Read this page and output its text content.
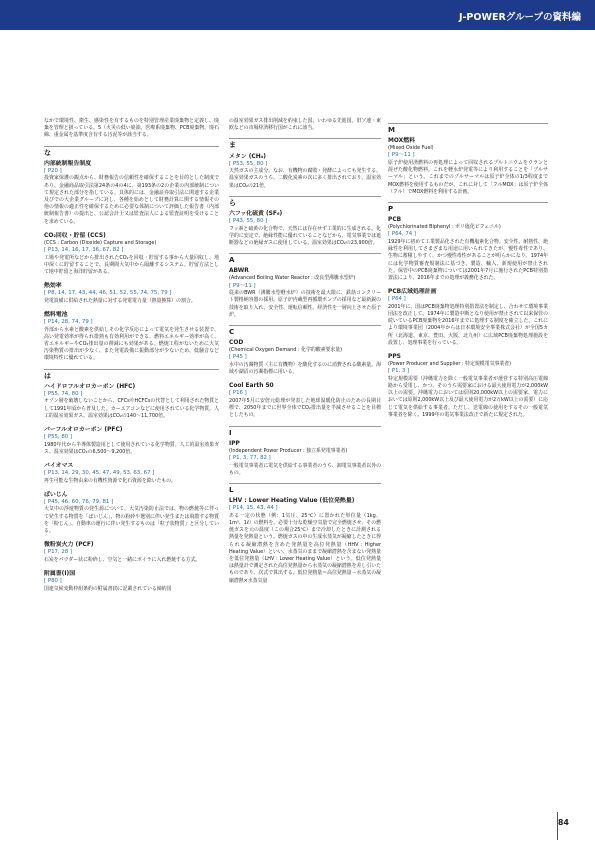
J-POWERグループの資料編
なかで環境性、衛生、感染性を有するものを特別管理産業廃棄物と定義し、廃棄を管理と扱っている。5（火災の低い廃油、医療系廃棄物、PCB廃棄物、廃石綿、重金属を基準度含有する汚泥等が該当する。
な
内部統制報告制度
[ P20 ]
投資家保護の観点から、財務報告の信頼性を確保することを目的とした制度であり、金融商品取引法第24条の4の4に、第193条の2の企業の内部統制について規定された部分を指している。具体的には、金融証券取引法に関連する企業及びでの大企業グループに対し、各種を始めとして財務計算に関する情報その他の情報の適正性を確保するために必要な体制について評価した報告書（内部統制報告書）の提出と、公認会計士又は監査法人による監査証明を受けることを求めている。
CO₂回収・貯留 (CCS)
(CCS : Carbon (Dioxide) Capture and Storage)
[ P13, 14, 16, 17, 36, 67, 82 ]
工場や発電所などから排出されたCO₂を回収・貯留する事から大量回収し、地中深くに貯留することで、長期間大気中から隔離するシステム。貯留方法として地中貯留と海洋貯留がある。
熱効率
[ P8, 14, 17, 43, 44, 46, 51, 52, 55, 74, 75, 79 ]
発電設備に供給された熱量に対する発電電力量（熱量換算）の割合。
燃料電池
[ P14, 28, 74, 79 ]
外部から水素と酸素を供給しその化学反応によって電気を発生させる装置で、高い発電効率が得られ排熱も有効利用ができる。燃料エネルギー効率が高く、省エネルギーやCO₂排出量の削減にも効果がある。燃焼工程がないために大気汚染物質の排出が少なく、また発電設備に振動部分が少ないため、低騒音など環境特性に優れている。
は
ハイドロフルオロカーボン (HFC)
[ P55, 74, 80 ]
オゾン層を破壊しないことから、CFCsやHCFCsの代替として利用された物質として1991年頃から普及した。カーエアコンなどに使用されている化学物質。人工的温室効果ガス。温室効果はCO₂の140～11,700倍。
パーフルオロカーボン (PFC)
[ P55, 80 ]
1980年代から半導体製造用として使用されている化学物質。人工的温室効果ガス。温室効果はCO₂の6,500～9,200倍。
バイオマス
[ P13, 14, 29, 30, 45, 47, 49, 53, 63, 67 ]
再生可能な生物由来の有機性資源で化石資源を除いたもの。
ばいじん
[ P45, 46, 60, 76, 79, 81 ]
大気中の浮遊物質の発生源について、大気汚染防止法では、物の燃焼等に伴って発生する物質を「ばいじん」、物の粉砕や選別に伴い発生または飛散する物質を「粉じん」、自動車の運行に伴い発生するものは「粒子状物質」と区分している。
微粉炭火力 (PCF)
[ P17, 28 ]
石炭をパウダー状に粉砕し、空気と一緒にボイラに入れ燃焼する方式。
附属書(I)国
[ P80 ]
国連気候変動枠組条約の附属書(I)に記載されている締約国
の温室効果ガス排出削減を約束した国、いわゆる先進国。旧ソ連・東欧などの市場経済移行国がこれに該当。
ま
メタン (CH₄)
[ P53, 55, 80 ]
天然ガスの主成分。なお、有機物の腐敗・発酵によっても発生する。温室効果ガスのうち、二酸化炭素の次に多く排出されており、温室効果はCO₂の21倍。
ら
六フッ化硫黄 (SF₆)
[ P43, 55, 80 ]
フッ素と硫黄の化合物で、天然には存在せず工業的に生成される。化学的に安定で、絶縁性能に優れていることなどから、電気事業では遮断器などの絶縁ガスに使用している。温室効果はCO₂の23,900倍。
A
ABWR
(Advanced Boiling Water Reactor : 改良型沸騰水型炉)
[ P9～11 ]
従来のBWR（沸騰水型軽水炉）の技術を最大限に、鉄筋コンクリート製格納容器の採用、原子炉内蔵型再循環ポンプの採用など最新鋭の技術を取り入れ、安全性、運転信頼性、経済性を一層向上させた原子炉。
C
COD
(Chemical Oxygen Demand : 化学的酸素要求量)
[ P45 ]
水中の汚濁物質（主に有機物）を酸化するのに消費される酸素量。海域や湖沼の汚濁指標に用いる。
Cool Earth 50
[ P16 ]
2007年5月に安倍元総理が発表した地球温暖化防止のための長期目標で、2050年までに世界全体でCO₂排出量を半減させることを目標としたもの。
I
IPP
(Independent Power Producer : 独立系発電事業者)
[ P1, 3, 77, 82 ]
一般電気事業者に電気を供給する事業者のうち、卸電気事業者以外のもの。
L
LHV : Lower Heating Value (低位発熱量)
[ P14, 15, 43, 44 ]
ある一定の状態（例：1気圧、25℃）に置かれた単位量（1kg、1m³、1ℓ）の燃料を、必要十分な乾燥空気量で完全燃焼させ、その燃焼ガスを元の温度（この場合25℃）まで冷却したときに計測される熱量を発熱量という。燃焼ガスの中の生成水蒸気が凝縮したときに得られる凝縮潜熱を含めた発熱量を高位発熱量（HHV : Higher Heating Value）といい、水蒸気のままで凝縮潜熱を含まない発熱量を低位発熱量（LHV : Lower Heating Value）という。低位発熱量は熱量計で測定された高位発熱量から水蒸気の凝縮潜熱を差し引いたものであり、次式で算出する。低位発熱量＝高位発熱量－水蒸気の凝縮潜熱×水蒸気量
M
MOX燃料
(Mixed Oxide Fuel)
[ P9～11 ]
原子炉使用済燃料の再処理によって回収されるプルトニウムをウランと混ぜた酸化物燃料。これを軽水炉発電等により利用することを「プルサーマル」という。これまでのプルサーマルは原子炉全体の1/3程度までMOX燃料を使用するものだが、これに対して「フルMOX」は原子炉全体（フル）でMOX燃料を利用する計画。
P
PCB
(Polychlorinated Biphenyl : ポリ塩化ビフェニル)
[ P64, 74 ]
1929年に初めて工業製品化された有機塩素化合物。安全性、耐熱性、絶縁性を利用してさまざまな用途に用いられてきたが、慢性毒性であり、生物に蓄積しやすく、かつ慢性毒性があることが明らかになり、1974年には化学物質審査規制法に基づき、製造、輸入、新規使用が禁止された。保管中のPCB廃棄物については2001年7月に施行されたPCB特別措置法により、2016年までの処理が義務化された。
PCB広域処理計画
[ P64 ]
2001年に、国はPCB廃棄物処理特別措置法を制定し、合わせて環境事業団法を改正して、1974年に製造中断となり使用が禁止されて以来保管の続いているPCB廃棄物を2016年までに処理する制度を確立した。これにより環境事業団（2004年からは日本環境安全事業株式会社）が全国5カ所（北海道、東京、豊田、大阪、北九州）に広域PCB廃棄物処理施設を設置し、処理事業を行っている。
PPS
(Power Producer and Supplier : 特定規模電気事業者)
[ P1, 3 ]
特定規模需要（沖縄電力を除く一般電気事業者が運営する特別高圧電線路から受電し、かつ、そのうち需要家における最大使用電力が2,000kW以上の需要。沖縄電力においては原則20,000kW以上の需要家、電力においては原則2,000kW以上及び最大使用電力が2万kW以上の需要）に応じて電気を供給する事業者。ただし、送電線の使用をするその一般電気事業者を除く。1999年の電気事業法改正で新たに規定された。
84
